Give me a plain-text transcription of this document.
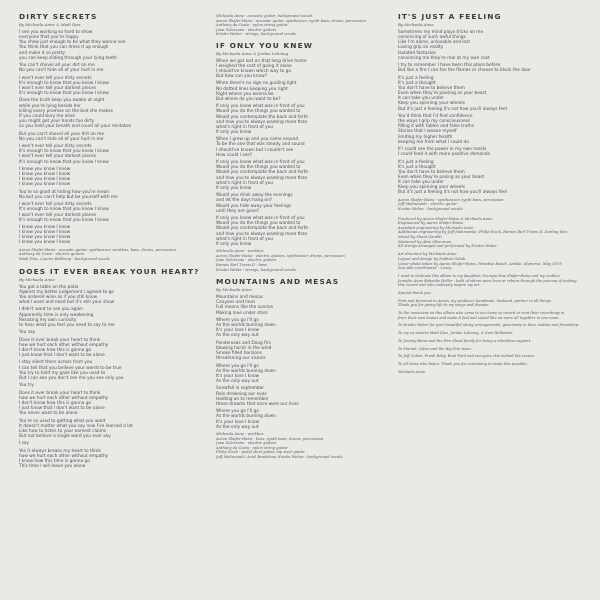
DIRTY SECRETS
By Michaela Anne & Madi Diaz
I see you working so hard to show
everyone that you're happy
You show just enough to be what they wanna see
You think that you can dress it up enough
and make it so pretty
you can keep sliding through your lying teeth
You can't shovel all your dirt on me
No you can't hide all of your hurt in me
I won't ever tell your dirty secrets
It's enough to know that you know I know
I won't ever tell your darkest pieces
It's enough to know that you know I know
Does the truth keep you awake at night
while you're lying beside her
killing every promise on the bed she makes
If you could bury me alive
you might get your hands too dirty
so you hold your breath and count all your mistakes
But you can't shovel all your dirt on me
No you can't hide all of your hurt in me
I won't ever tell your dirty secrets
It's enough to know that you know I know
I won't ever tell your darkest pieces
It's enough to know that you know I know
I know you know I know
I know you know I know
I know you know I know
I know you know I know
You're so good at hiding how you're mean
No but you can't help but be yourself with me
I won't ever tell your dirty secrets
It's enough to know that you know I know
I won't ever tell your darkest pieces
It's enough to know that you know I know
I know you know I know
I know you know I know
I know you know I know
I know you know I know
Aaron Shafer-Haiss - acoustic guitar, synthesizer, workbox, bass, drums, percussion
Anthony da Costa - electric guitars
Madi Diaz, Lauren Balthrop - background vocals
DOES IT EVER BREAK YOUR HEART?
By Michaela Anne
You got a table on the patio
Against my better judgement I agreed to go
You ordered wine as if you still know
what I want and need but it's still your show
I didn't want to see you again
Apparently time is only weakening
Resisting my own curiosity
to hear what you feel you need to say to me
You say
Does it ever break your heart to think
how we hurt each other without empathy
I don't know how this is gonna go
I just know that I don't want to be alone
I stay silent there across from you
I can tell that you believe your words to be true
You try to hold my gaze like you used to
But I can see you don't see me you see only you
You try
Does it ever break your heart to think
how we hurt each other without empathy
I don't know how this is gonna go
I just know that I don't want to be alone
You never want to be alone
You're so used to getting what you want
It doesn't matter what you say now I've learned a lot
Like how to listen to your earnest claims
But not believe a single word you ever say
I say
Yes it always breaks my heart to think
how we hurt each other without empathy
I know how this time is gonna go
This time I will leave you alone
Michaela Anne - acoustic guitar, background vocals
Aaron Shafer-Haiss - acoustic guitar, synthesizer, synth bass, drums, percussion
Anthony da Costa - nylon string guitar
Juan Solorzano - electric guitars
Kristin Weber - strings, background vocals
IF ONLY YOU KNEW
By Michaela Anne & Jordan Lehning
When we got lost on that long drive home
I weighed the cost of going it alone
I should've known which way to go
But how can you know?
When there's no sign no guiding light
No dotted lines keeping you right
Right where you wanna be
But where do you want to be?
If only you knew what was in front of you
Would you do the things you wanted to
Would you contemplate the back and forth
and how you're always wanting more than
what's right in front of you
If only you knew
When I grew up and you came around
To be the one that was steady and sound
I should've known but I couldn't see
How could I see?
If only you knew what was in front of you
Would you do the things you wanted to
Would you contemplate the back and forth
and how you're always wanting more than
what's right in front of you
If only you knew
Would you drink away the evenings
and let the days hang on?
Would you hide away your feelings
until they are gone?
If only you knew what was in front of you
Would you do the things you wanted to
Would you contemplate the back and forth
and how you're always wanting more than
what's right in front of you
If only you knew
Michaela Anne - workbox
Aaron Shafer-Haiss - electric guitars, synthesizer, drums, percussion
Juan Solorzano - electric guitars
Barnes Earl Travis II - bass
Kristin Weber - strings, background vocals
MOUNTAINS AND MESAS
By Michaela Anne
Mountains and mesas
Canyons and lines
Full moons like the sunrise
Making love under stars
Where you go I'll go
As the worlds burning down
It's your love I know
As the only way out
Ponderosas and Doug firs
blowing harsh in the wind
Smoke filled horizons
threatening our visions
Where you go I'll go
As the worlds burning down
It's your love I know
As the only way out
Snowfall in september
Rain drowning our eyes
Holding on to remember
these dreams that once were our lives
Where you go I'll go
As the worlds burning down
It's your love I know
As the only way out
Michaela Anne - workbox
Aaron Shafer-Haiss - bass, synth bass, drums, percussion
Juan Solorzano - electric guitars
Anthony da Costa - nylon string guitar
Philip Sizek - pedal steel guitar, lap steel guitar
Jeff Malinowski, Ariel Bradshaw, Kristin Weber - background vocals
IT'S JUST A FEELING
By Michaela Anne
Sometimes my mind plays tricks on me
convincing of such awful things
Like I'm alone, unlovable and lost
Losing grip on reality
Isolated fantasies
convincing me they're real at my own cost
I try to remember I have been this place before
But like a fire I can fan the flames or choose to block the door
It's just a feeling
It's just a thought
You don't have to believe them
Even when they're passing as your beast
It can take you under
Keep you spinning your wheels
But it's just a feeling it's not how you'll always feel
You'd think that I'd find confidence
the ways I grip my consciousness
filling it with fables and false truths
Stories that I weave myself
limiting my higher health
keeping me from what I could do
If I could see the power in my own hands
I could feed it with more positive demands
It's just a feeling
It's just a thought
You don't have to believe them
Even when they're posing as your beast
It can take you under
Keep you spinning your wheels
But it's just a feeling it's not how you'll always feel
Aaron Shafer-Haiss - synthesizer, synth bass, percussion
Jeff Malinowski - electric guitar
Kristin Weber - background vocals
Produced by Aaron Shafer-Haiss & Michaela Anne
Engineered by Aaron Shafer-Haiss
Assistant engineering by Michaela Anne
Additional engineering by Jeff Malinowski, Philip Sizek, Barnes Earl Travis II, Darling Wes
Mixed by Shani Gandhi
Mastered by Alan Silverman
All strings arranged and performed by Kristin Weber
Art direction by Michaela Anne
Layout and design by Nathan Golub
Cover photo taken by Aaron Shafer-Haiss, Paradise Beach, Ardale, Menorca, May 2019
Zea side coordinator - Lovey
I want to dedicate this album to my daughter, Georgia Mae Shafer-Haiss and my mother,
Jennifer Anne Bohanke Heller - both of whom were born or reborn through the process of making
this record and who endlessly inspire my art.
Special thank you:
First and foremost to Aaron, my producer, bandmate, husband, partner in all things.
Thank you for giving life to my songs and dreams.
To the musicians on this album who came to our home to record or sent their recordings in
from their own homes and made it feel and sound like we were all together in one room.
To Kristin Weber for your beautiful string arrangements, generosity in time, talents and friendship.
To my co-writers Madi Diaz, Jordan Lehning, & Sam Hollander
To Jeremy Binns and the Fire Shoal family for being a relentless support.
To Mariah, Glenn and the Big Fire team.
To Jeff Cohen, Frank Riley, Brad Ford and everyone else behind the scenes.
To all those who listen. Thank you for continuing to make this possible.
Michaela Anne
